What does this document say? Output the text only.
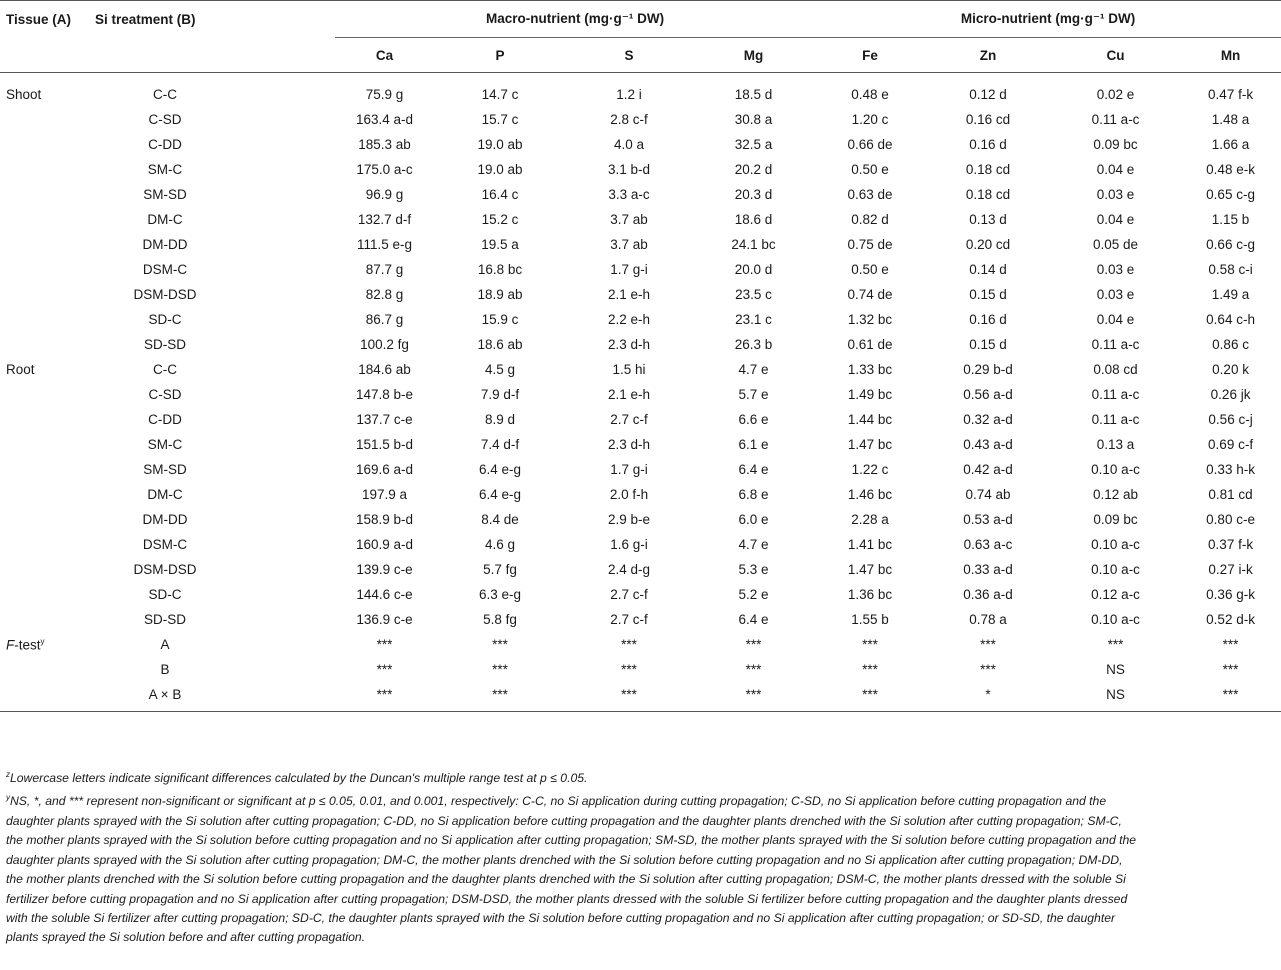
Tissue (A)	Si treatment (B)		Macro-nutrient (mg·g⁻¹ DW)				Micro-nutrient (mg·g⁻¹ DW)			
			Ca	P	S	Mg	Fe	Zn	Cu	Mn
Shoot	C-C		75.9 g	14.7 c	1.2 i	18.5 d	0.48 e	0.12 d	0.02 e	0.47 f-k
	C-SD		163.4 a-d	15.7 c	2.8 c-f	30.8 a	1.20 c	0.16 cd	0.11 a-c	1.48 a
	C-DD		185.3 ab	19.0 ab	4.0 a	32.5 a	0.66 de	0.16 d	0.09 bc	1.66 a
	SM-C		175.0 a-c	19.0 ab	3.1 b-d	20.2 d	0.50 e	0.18 cd	0.04 e	0.48 e-k
	SM-SD		96.9 g	16.4 c	3.3 a-c	20.3 d	0.63 de	0.18 cd	0.03 e	0.65 c-g
	DM-C		132.7 d-f	15.2 c	3.7 ab	18.6 d	0.82 d	0.13 d	0.04 e	1.15 b
	DM-DD		111.5 e-g	19.5 a	3.7 ab	24.1 bc	0.75 de	0.20 cd	0.05 de	0.66 c-g
	DSM-C		87.7 g	16.8 bc	1.7 g-i	20.0 d	0.50 e	0.14 d	0.03 e	0.58 c-i
	DSM-DSD		82.8 g	18.9 ab	2.1 e-h	23.5 c	0.74 de	0.15 d	0.03 e	1.49 a
	SD-C		86.7 g	15.9 c	2.2 e-h	23.1 c	1.32 bc	0.16 d	0.04 e	0.64 c-h
	SD-SD		100.2 fg	18.6 ab	2.3 d-h	26.3 b	0.61 de	0.15 d	0.11 a-c	0.86 c
Root	C-C		184.6 ab	4.5 g	1.5 hi	4.7 e	1.33 bc	0.29 b-d	0.08 cd	0.20 k
	C-SD		147.8 b-e	7.9 d-f	2.1 e-h	5.7 e	1.49 bc	0.56 a-d	0.11 a-c	0.26 jk
	C-DD		137.7 c-e	8.9 d	2.7 c-f	6.6 e	1.44 bc	0.32 a-d	0.11 a-c	0.56 c-j
	SM-C		151.5 b-d	7.4 d-f	2.3 d-h	6.1 e	1.47 bc	0.43 a-d	0.13 a	0.69 c-f
	SM-SD		169.6 a-d	6.4 e-g	1.7 g-i	6.4 e	1.22 c	0.42 a-d	0.10 a-c	0.33 h-k
	DM-C		197.9 a	6.4 e-g	2.0 f-h	6.8 e	1.46 bc	0.74 ab	0.12 ab	0.81 cd
	DM-DD		158.9 b-d	8.4 de	2.9 b-e	6.0 e	2.28 a	0.53 a-d	0.09 bc	0.80 c-e
	DSM-C		160.9 a-d	4.6 g	1.6 g-i	4.7 e	1.41 bc	0.63 a-c	0.10 a-c	0.37 f-k
	DSM-DSD		139.9 c-e	5.7 fg	2.4 d-g	5.3 e	1.47 bc	0.33 a-d	0.10 a-c	0.27 i-k
	SD-C		144.6 c-e	6.3 e-g	2.7 c-f	5.2 e	1.36 bc	0.36 a-d	0.12 a-c	0.36 g-k
	SD-SD		136.9 c-e	5.8 fg	2.7 c-f	6.4 e	1.55 b	0.78 a	0.10 a-c	0.52 d-k
F-test$^y$	A		***	***	***	***	***	***	***	***
	B		***	***	***	***	***	***	NS	***
	A × B		***	***	***	***	***	*	NS	***

$^z$Lowercase letters indicate significant differences calculated by the Duncan's multiple range test at p ≤ 0.05.

$^y$NS, *, and *** represent non-significant or significant at p ≤ 0.05, 0.01, and 0.001, respectively: C-C, no Si application during cutting propagation; C-SD, no Si application before cutting propagation and the daughter plants sprayed with the Si solution after cutting propagation; C-DD, no Si application before cutting propagation and the daughter plants drenched with the Si solution after cutting propagation; SM-C, the mother plants sprayed with the Si solution before cutting propagation and no Si application after cutting propagation; SM-SD, the mother plants sprayed with the Si solution before cutting propagation and the daughter plants sprayed with the Si solution after cutting propagation; DM-C, the mother plants drenched with the Si solution before cutting propagation and no Si application after cutting propagation; DM-DD, the mother plants drenched with the Si solution before cutting propagation and the daughter plants drenched with the Si solution after cutting propagation; DSM-C, the mother plants dressed with the soluble Si fertilizer before cutting propagation and no Si application after cutting propagation; DSM-DSD, the mother plants dressed with the soluble Si fertilizer before cutting propagation and the daughter plants dressed with the soluble Si fertilizer after cutting propagation; SD-C, the daughter plants sprayed with the Si solution before cutting propagation and no Si application after cutting propagation; or SD-SD, the daughter plants sprayed the Si solution before and after cutting propagation.
